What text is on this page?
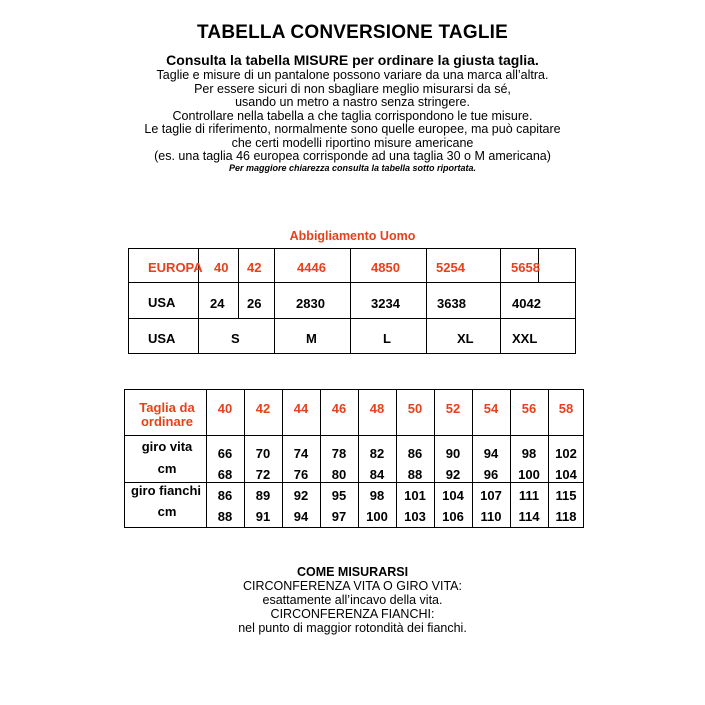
TABELLA CONVERSIONE TAGLIE
Consulta la tabella MISURE per ordinare la giusta taglia.
Taglie e misure di un pantalone possono variare da una marca all’altra.
Per essere sicuri di non sbagliare meglio misurarsi da sé,
usando un metro a nastro senza stringere.
Controllare nella tabella a che taglia corrispondono le tue misure.
Le taglie di riferimento, normalmente sono quelle europee, ma può capitare
che certi modelli riportino misure americane
(es. una taglia 46 europea corrisponde ad una taglia 30 o M americana)
Per maggiore chiarezza consulta la tabella sotto riportata.
Abbigliamento Uomo
EUROPA 40 42	4446	4850	5254	5658
USA	24 26	2830	3234	3638	4042
USA	S	M	L	XL	XXL
Taglia da
ordinare
40	42	44	46	48	50	52	54	56	58
giro vita
cm
66	70	74	78	82	86	90	94	98	102
68	72	76	80	84	88	92	96	100	104
giro fianchi
cm
86	89	92	95	98	101	104	107	111	115
88	91	94	97	100	103	106	110	114	118
COME MISURARSI
CIRCONFERENZA VITA O GIRO VITA:
esattamente all’incavo della vita.
CIRCONFERENZA FIANCHI:
nel punto di maggior rotondità dei fianchi.
